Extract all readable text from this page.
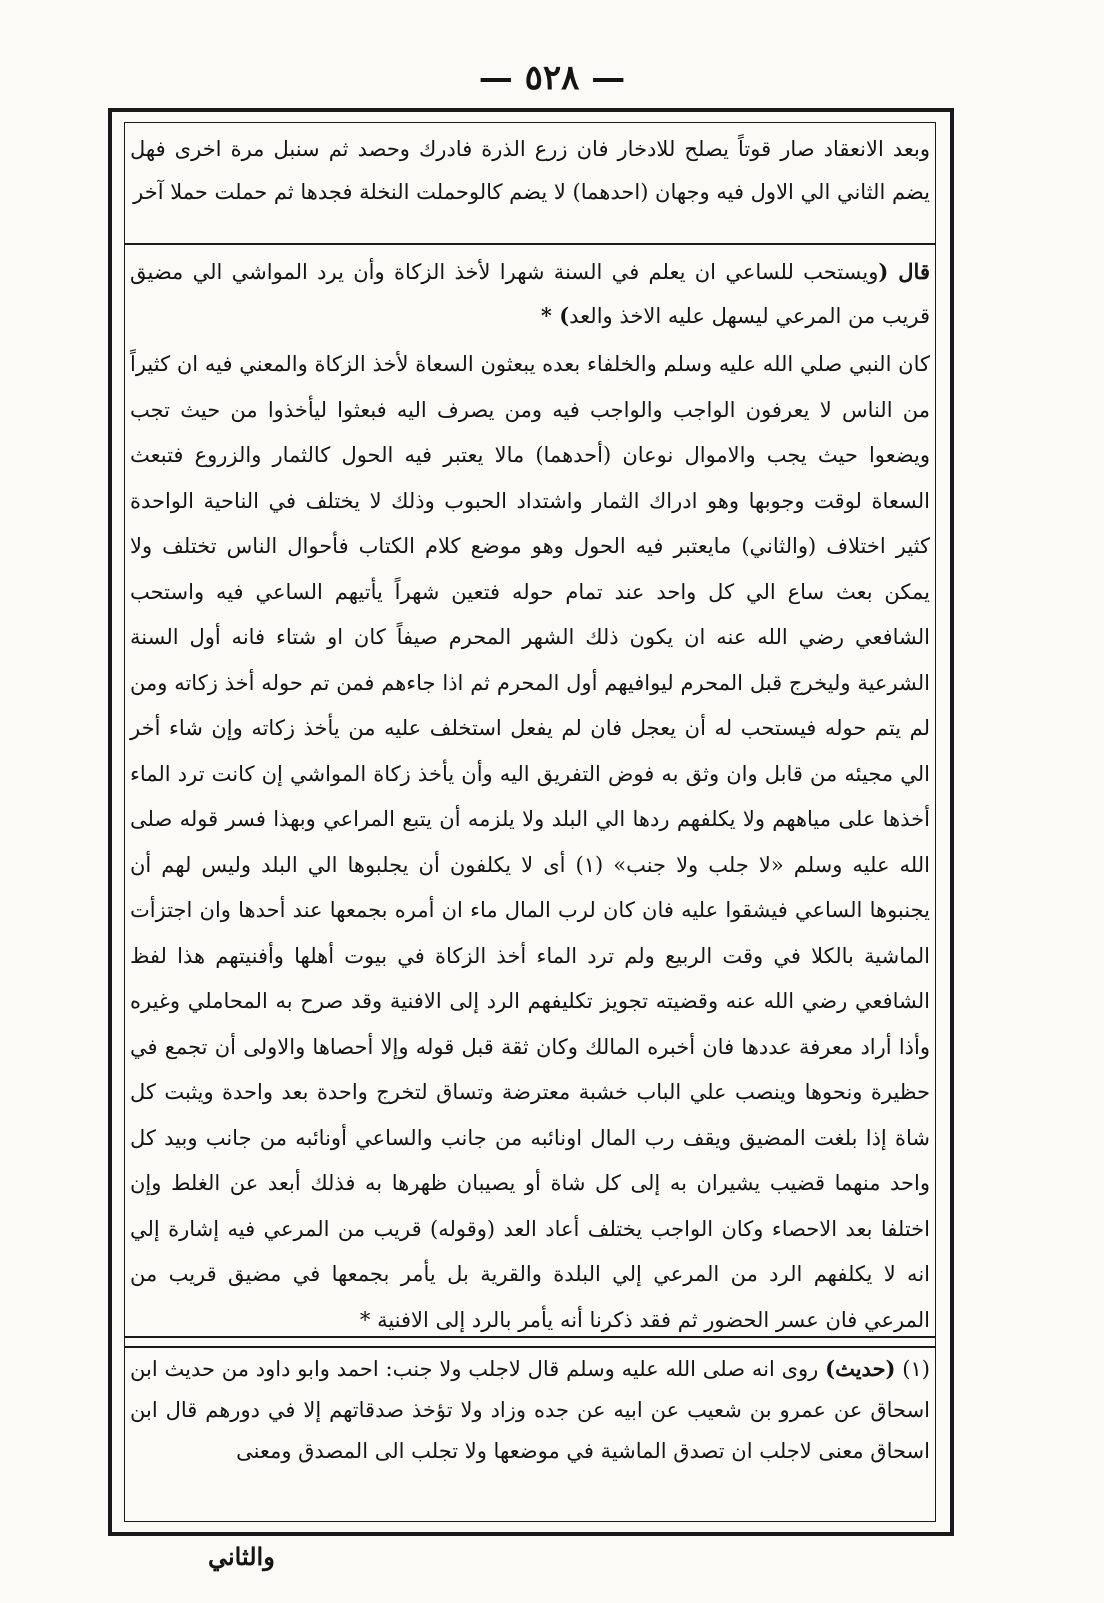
— ٥٢٨ —

وبعد الانعقاد صار قوتاً يصلح للادخار فان زرع الذرة فادرك وحصد ثم سنبل مرة اخرى فهل يضم الثاني الي الاول فيه وجهان (احدهما) لا يضم كالوحملت النخلة فجدها ثم حملت حملا آخر

قال (ويستحب للساعي ان يعلم في السنة شهرا لأخذ الزكاة وأن يرد المواشي الي مضيق قريب من المرعي ليسهل عليه الاخذ والعد) *

كان النبي صلي الله عليه وسلم والخلفاء بعده يبعثون السعاة لأخذ الزكاة والمعني فيه ان كثيراً من الناس لا يعرفون الواجب والواجب فيه ومن يصرف اليه فبعثوا ليأخذوا من حيث تجب ويضعوا حيث يجب والاموال نوعان (أحدهما) مالا يعتبر فيه الحول كالثمار والزروع فتبعث السعاة لوقت وجوبها وهو ادراك الثمار واشتداد الحبوب وذلك لا يختلف في الناحية الواحدة كثير اختلاف (والثاني) مايعتبر فيه الحول وهو موضع كلام الكتاب فأحوال الناس تختلف ولا يمكن بعث ساع الي كل واحد عند تمام حوله فتعين شهراً يأتيهم الساعي فيه واستحب الشافعي رضي الله عنه ان يكون ذلك الشهر المحرم صيفاً كان او شتاء فانه أول السنة الشرعية وليخرج قبل المحرم ليوافيهم أول المحرم ثم اذا جاءهم فمن تم حوله أخذ زكاته ومن لم يتم حوله فيستحب له أن يعجل فان لم يفعل استخلف عليه من يأخذ زكاته وإن شاء أخر الي مجيئه من قابل وان وثق به فوض التفريق اليه وأن يأخذ زكاة المواشي إن كانت ترد الماء أخذها على مياههم ولا يكلفهم ردها الي البلد ولا يلزمه أن يتبع المراعي وبهذا فسر قوله صلى الله عليه وسلم «لا جلب ولا جنب» (١) أى لا يكلفون أن يجلبوها الي البلد وليس لهم أن يجنبوها الساعي فيشقوا عليه فان كان لرب المال ماء ان أمره بجمعها عند أحدها وان اجتزأت الماشية بالكلا في وقت الربيع ولم ترد الماء أخذ الزكاة في بيوت أهلها وأفنيتهم هذا لفظ الشافعي رضي الله عنه وقضيته تجويز تكليفهم الرد إلى الافنية وقد صرح به المحاملي وغيره وأذا أراد معرفة عددها فان أخبره المالك وكان ثقة قبل قوله وإلا أحصاها والاولى أن تجمع في حظيرة ونحوها وينصب علي الباب خشبة معترضة وتساق لتخرج واحدة بعد واحدة ويثبت كل شاة إذا بلغت المضيق ويقف رب المال اونائبه من جانب والساعي أونائبه من جانب وبيد كل واحد منهما قضيب يشيران به إلى كل شاة أو يصيبان ظهرها به فذلك أبعد عن الغلط وإن اختلفا بعد الاحصاء وكان الواجب يختلف أعاد العد (وقوله) قريب من المرعي فيه إشارة إلي انه لا يكلفهم الرد من المرعي إلي البلدة والقرية بل يأمر بجمعها في مضيق قريب من المرعي فان عسر الحضور ثم فقد ذكرنا أنه يأمر بالرد إلى الافنية *

(١) (حديث) روى انه صلى الله عليه وسلم قال لاجلب ولا جنب: احمد وابو داود من حديث ابن اسحاق عن عمرو بن شعيب عن ابيه عن جده وزاد ولا تؤخذ صدقاتهم إلا في دورهم قال ابن اسحاق معنى لاجلب ان تصدق الماشية في موضعها ولا تجلب الى المصدق ومعنى

والثاني
